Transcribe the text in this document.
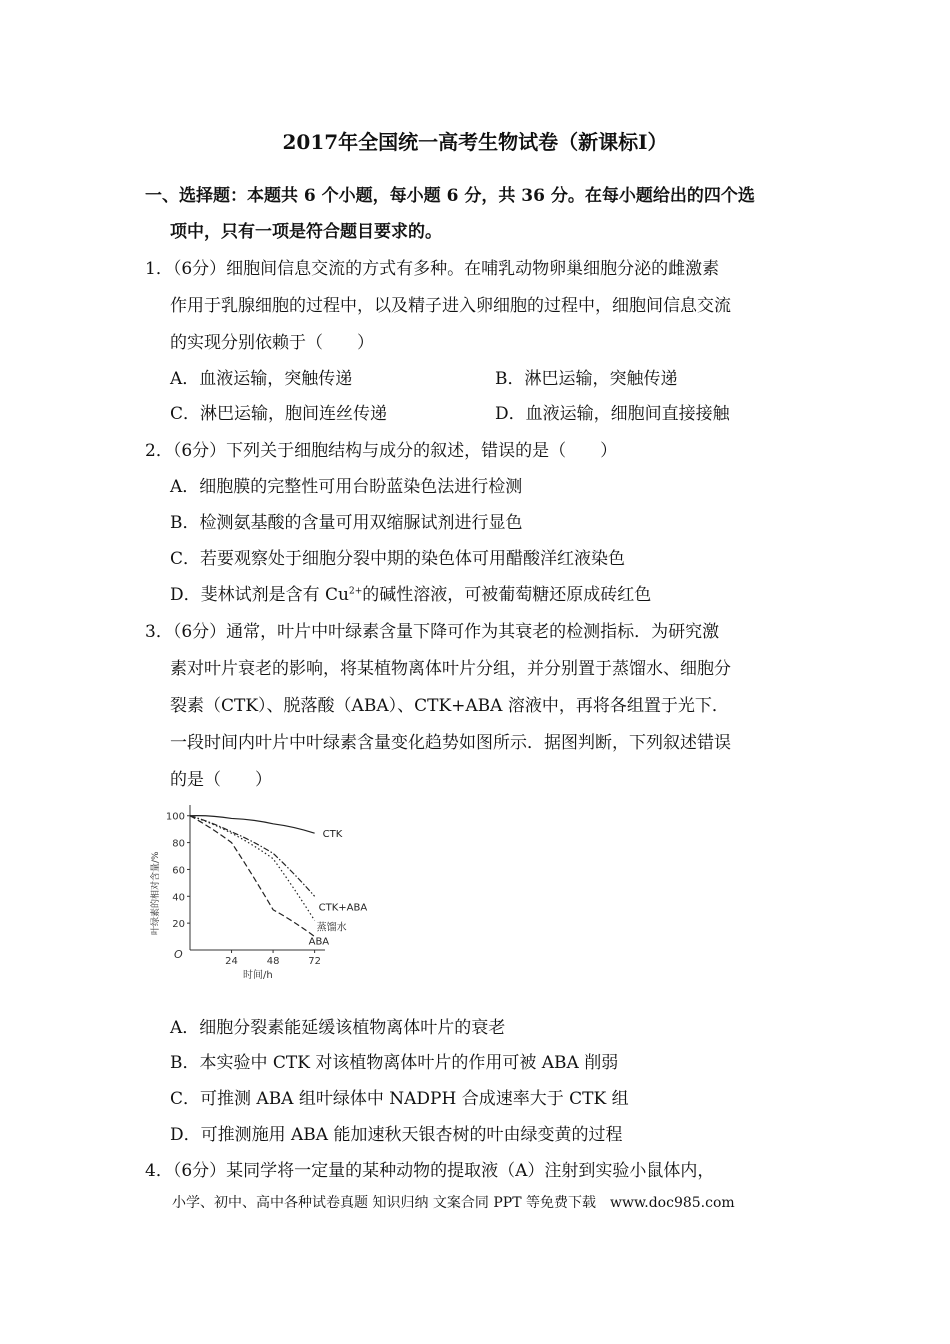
2017年全国统一高考生物试卷（新课标I）
一、选择题：本题共 6 个小题，每小题 6 分，共 36 分。在每小题给出的四个选
项中，只有一项是符合题目要求的。
1．（6分）细胞间信息交流的方式有多种。在哺乳动物卵巢细胞分泌的雌激素
作用于乳腺细胞的过程中，以及精子进入卵细胞的过程中，细胞间信息交流
的实现分别依赖于（　　）
A．血液运输，突触传递	B．淋巴运输，突触传递
C．淋巴运输，胞间连丝传递	D．血液运输，细胞间直接接触
2．（6分）下列关于细胞结构与成分的叙述，错误的是（　　）
A．细胞膜的完整性可用台盼蓝染色法进行检测
B．检测氨基酸的含量可用双缩脲试剂进行显色
C．若要观察处于细胞分裂中期的染色体可用醋酸洋红液染色
D．斐林试剂是含有 $Cu^{2+}$的碱性溶液，可被葡萄糖还原成砖红色
3．（6分）通常，叶片中叶绿素含量下降可作为其衰老的检测指标．为研究激
素对叶片衰老的影响，将某植物离体叶片分组，并分别置于蒸馏水、细胞分
裂素（CTK）、脱落酸（ABA）、CTK+ABA 溶液中，再将各组置于光下．
一段时间内叶片中叶绿素含量变化趋势如图所示．据图判断，下列叙述错误
的是（　　）
20
40
60
80
100
24	48	72
CTK
CTK+ABA
蒸馏水
ABA
O
时间/h
叶绿素的相对含量/%
A．细胞分裂素能延缓该植物离体叶片的衰老
B．本实验中 CTK 对该植物离体叶片的作用可被 ABA 削弱
C．可推测 ABA 组叶绿体中 NADPH 合成速率大于 CTK 组
D．可推测施用 ABA 能加速秋天银杏树的叶由绿变黄的过程
4．（6分）某同学将一定量的某种动物的提取液（A）注射到实验小鼠体内，
小学、初中、高中各种试卷真题 知识归纳 文案合同 PPT 等免费下载　www.doc985.com
